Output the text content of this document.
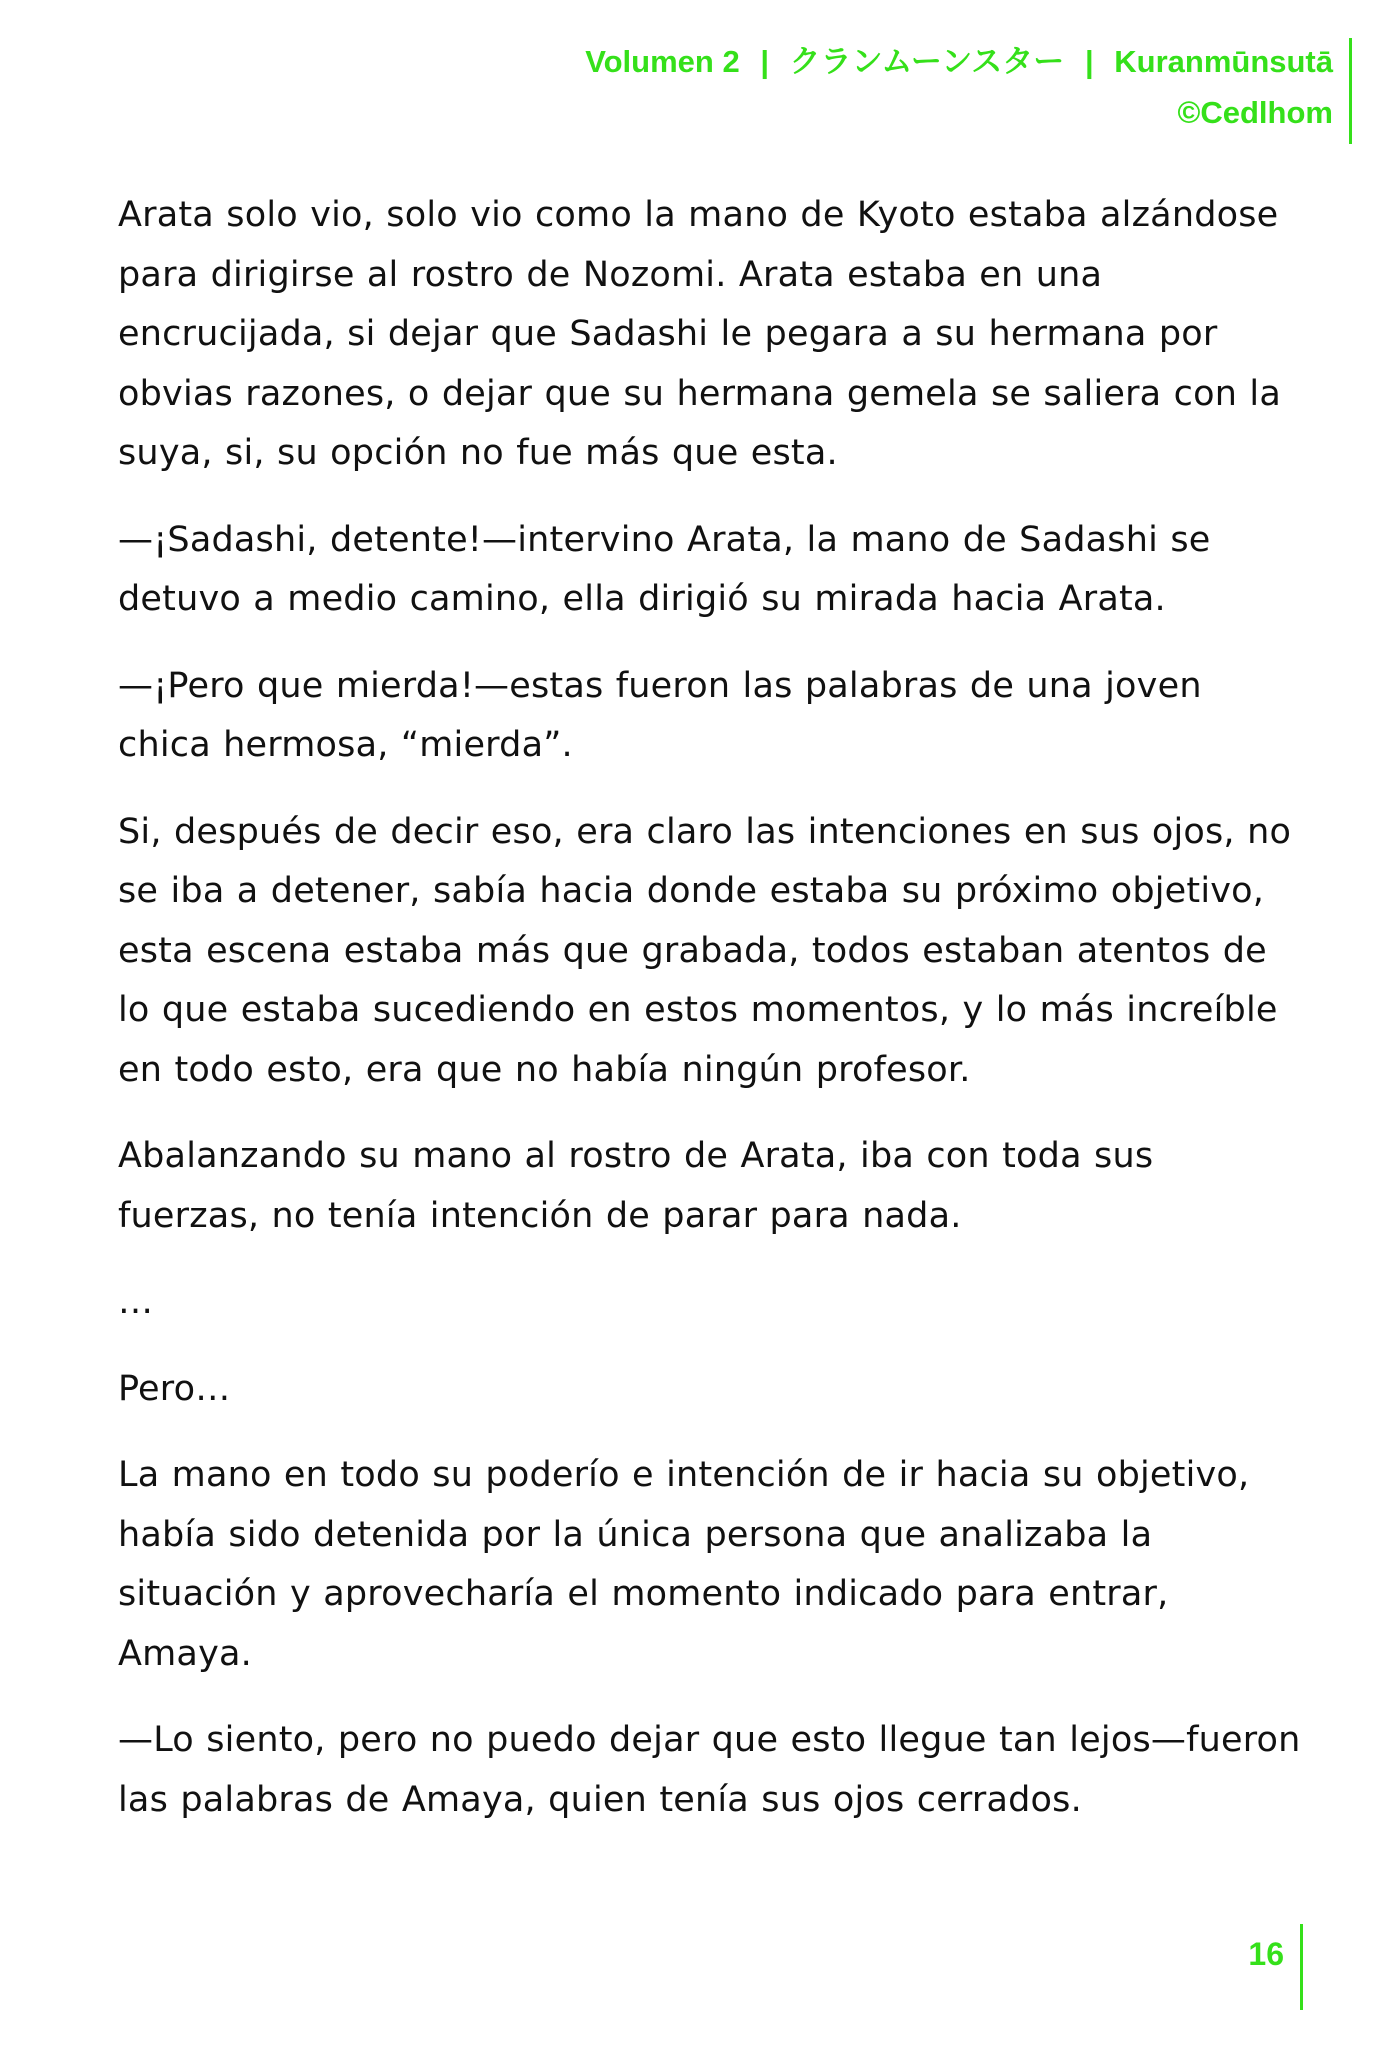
Volumen 2 | クランムーンスター | Kuranmūnsutā
©Cedlhom

Arata solo vio, solo vio como la mano de Kyoto estaba alzándose para dirigirse al rostro de Nozomi. Arata estaba en una encrucijada, si dejar que Sadashi le pegara a su hermana por obvias razones, o dejar que su hermana gemela se saliera con la suya, si, su opción no fue más que esta.

—¡Sadashi, detente!—intervino Arata, la mano de Sadashi se detuvo a medio camino, ella dirigió su mirada hacia Arata.

—¡Pero que mierda!—estas fueron las palabras de una joven chica hermosa, “mierda”.

Si, después de decir eso, era claro las intenciones en sus ojos, no se iba a detener, sabía hacia donde estaba su próximo objetivo, esta escena estaba más que grabada, todos estaban atentos de lo que estaba sucediendo en estos momentos, y lo más increíble en todo esto, era que no había ningún profesor.

Abalanzando su mano al rostro de Arata, iba con toda sus fuerzas, no tenía intención de parar para nada.

…

Pero…

La mano en todo su poderío e intención de ir hacia su objetivo, había sido detenida por la única persona que analizaba la situación y aprovecharía el momento indicado para entrar, Amaya.

—Lo siento, pero no puedo dejar que esto llegue tan lejos—fueron las palabras de Amaya, quien tenía sus ojos cerrados.

16
